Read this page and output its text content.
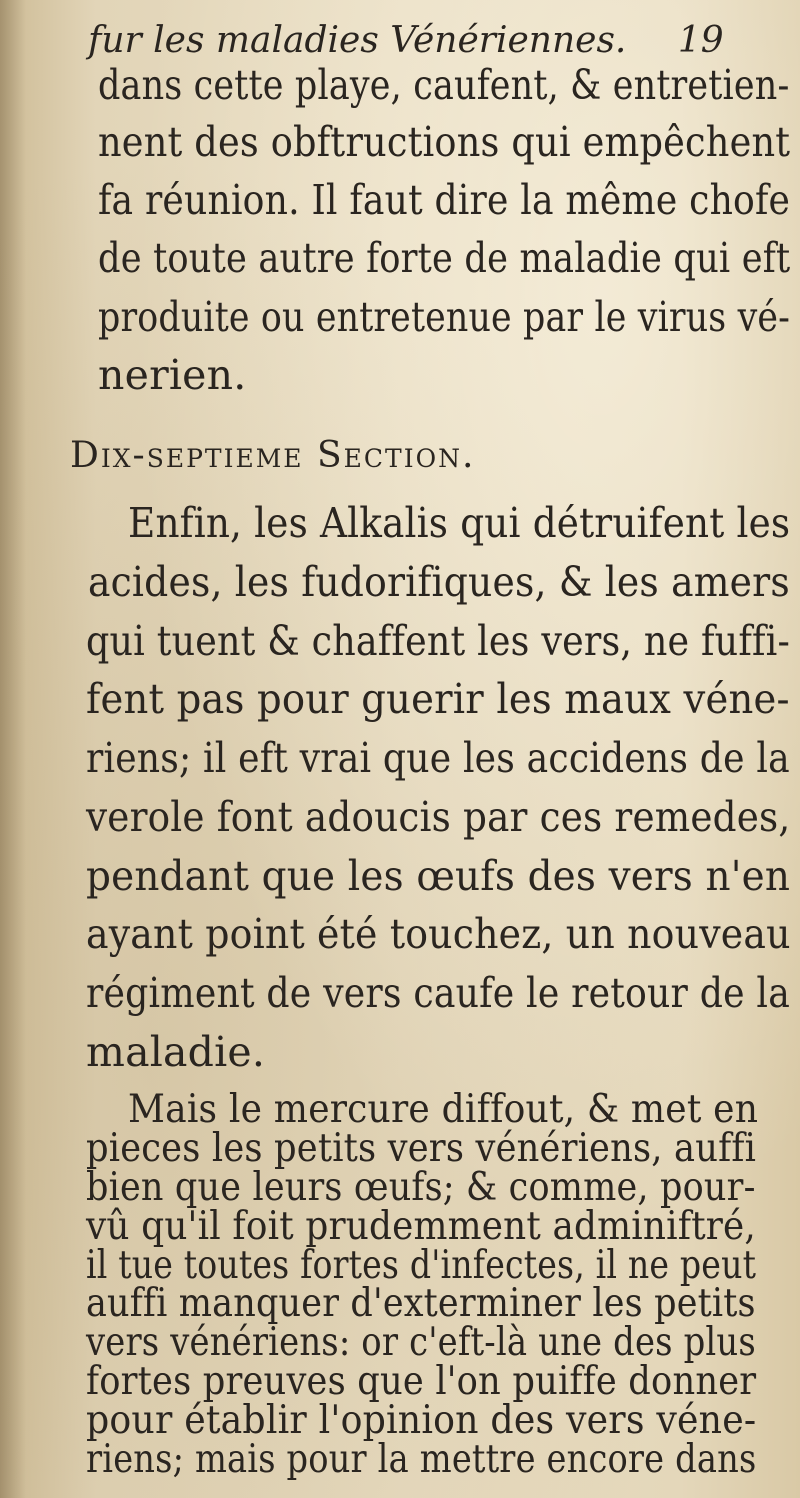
fur les maladies Vénériennes. 19
dans cette playe, caufent, & entretien-
nent des obftructions qui empêchent
fa réunion. Il faut dire la même chofe
de toute autre forte de maladie qui eft
produite ou entretenue par le virus vé-
nerien.
Dix-septieme Section.
Enfin, les Alkalis qui détruifent les
acides, les fudorifiques, & les amers
qui tuent & chaffent les vers, ne fuffi-
fent pas pour guerir les maux véne-
riens; il eft vrai que les accidens de la
verole font adoucis par ces remedes,
pendant que les œufs des vers n'en
ayant point été touchez, un nouveau
régiment de vers caufe le retour de la
maladie.
Mais le mercure diffout, & met en
pieces les petits vers vénériens, auffi
bien que leurs œufs; & comme, pour-
vû qu'il foit prudemment adminiftré,
il tue toutes fortes d'infectes, il ne peut
auffi manquer d'exterminer les petits
vers vénériens: or c'eft-là une des plus
fortes preuves que l'on puiffe donner
pour établir l'opinion des vers véne-
riens; mais pour la mettre encore dans
